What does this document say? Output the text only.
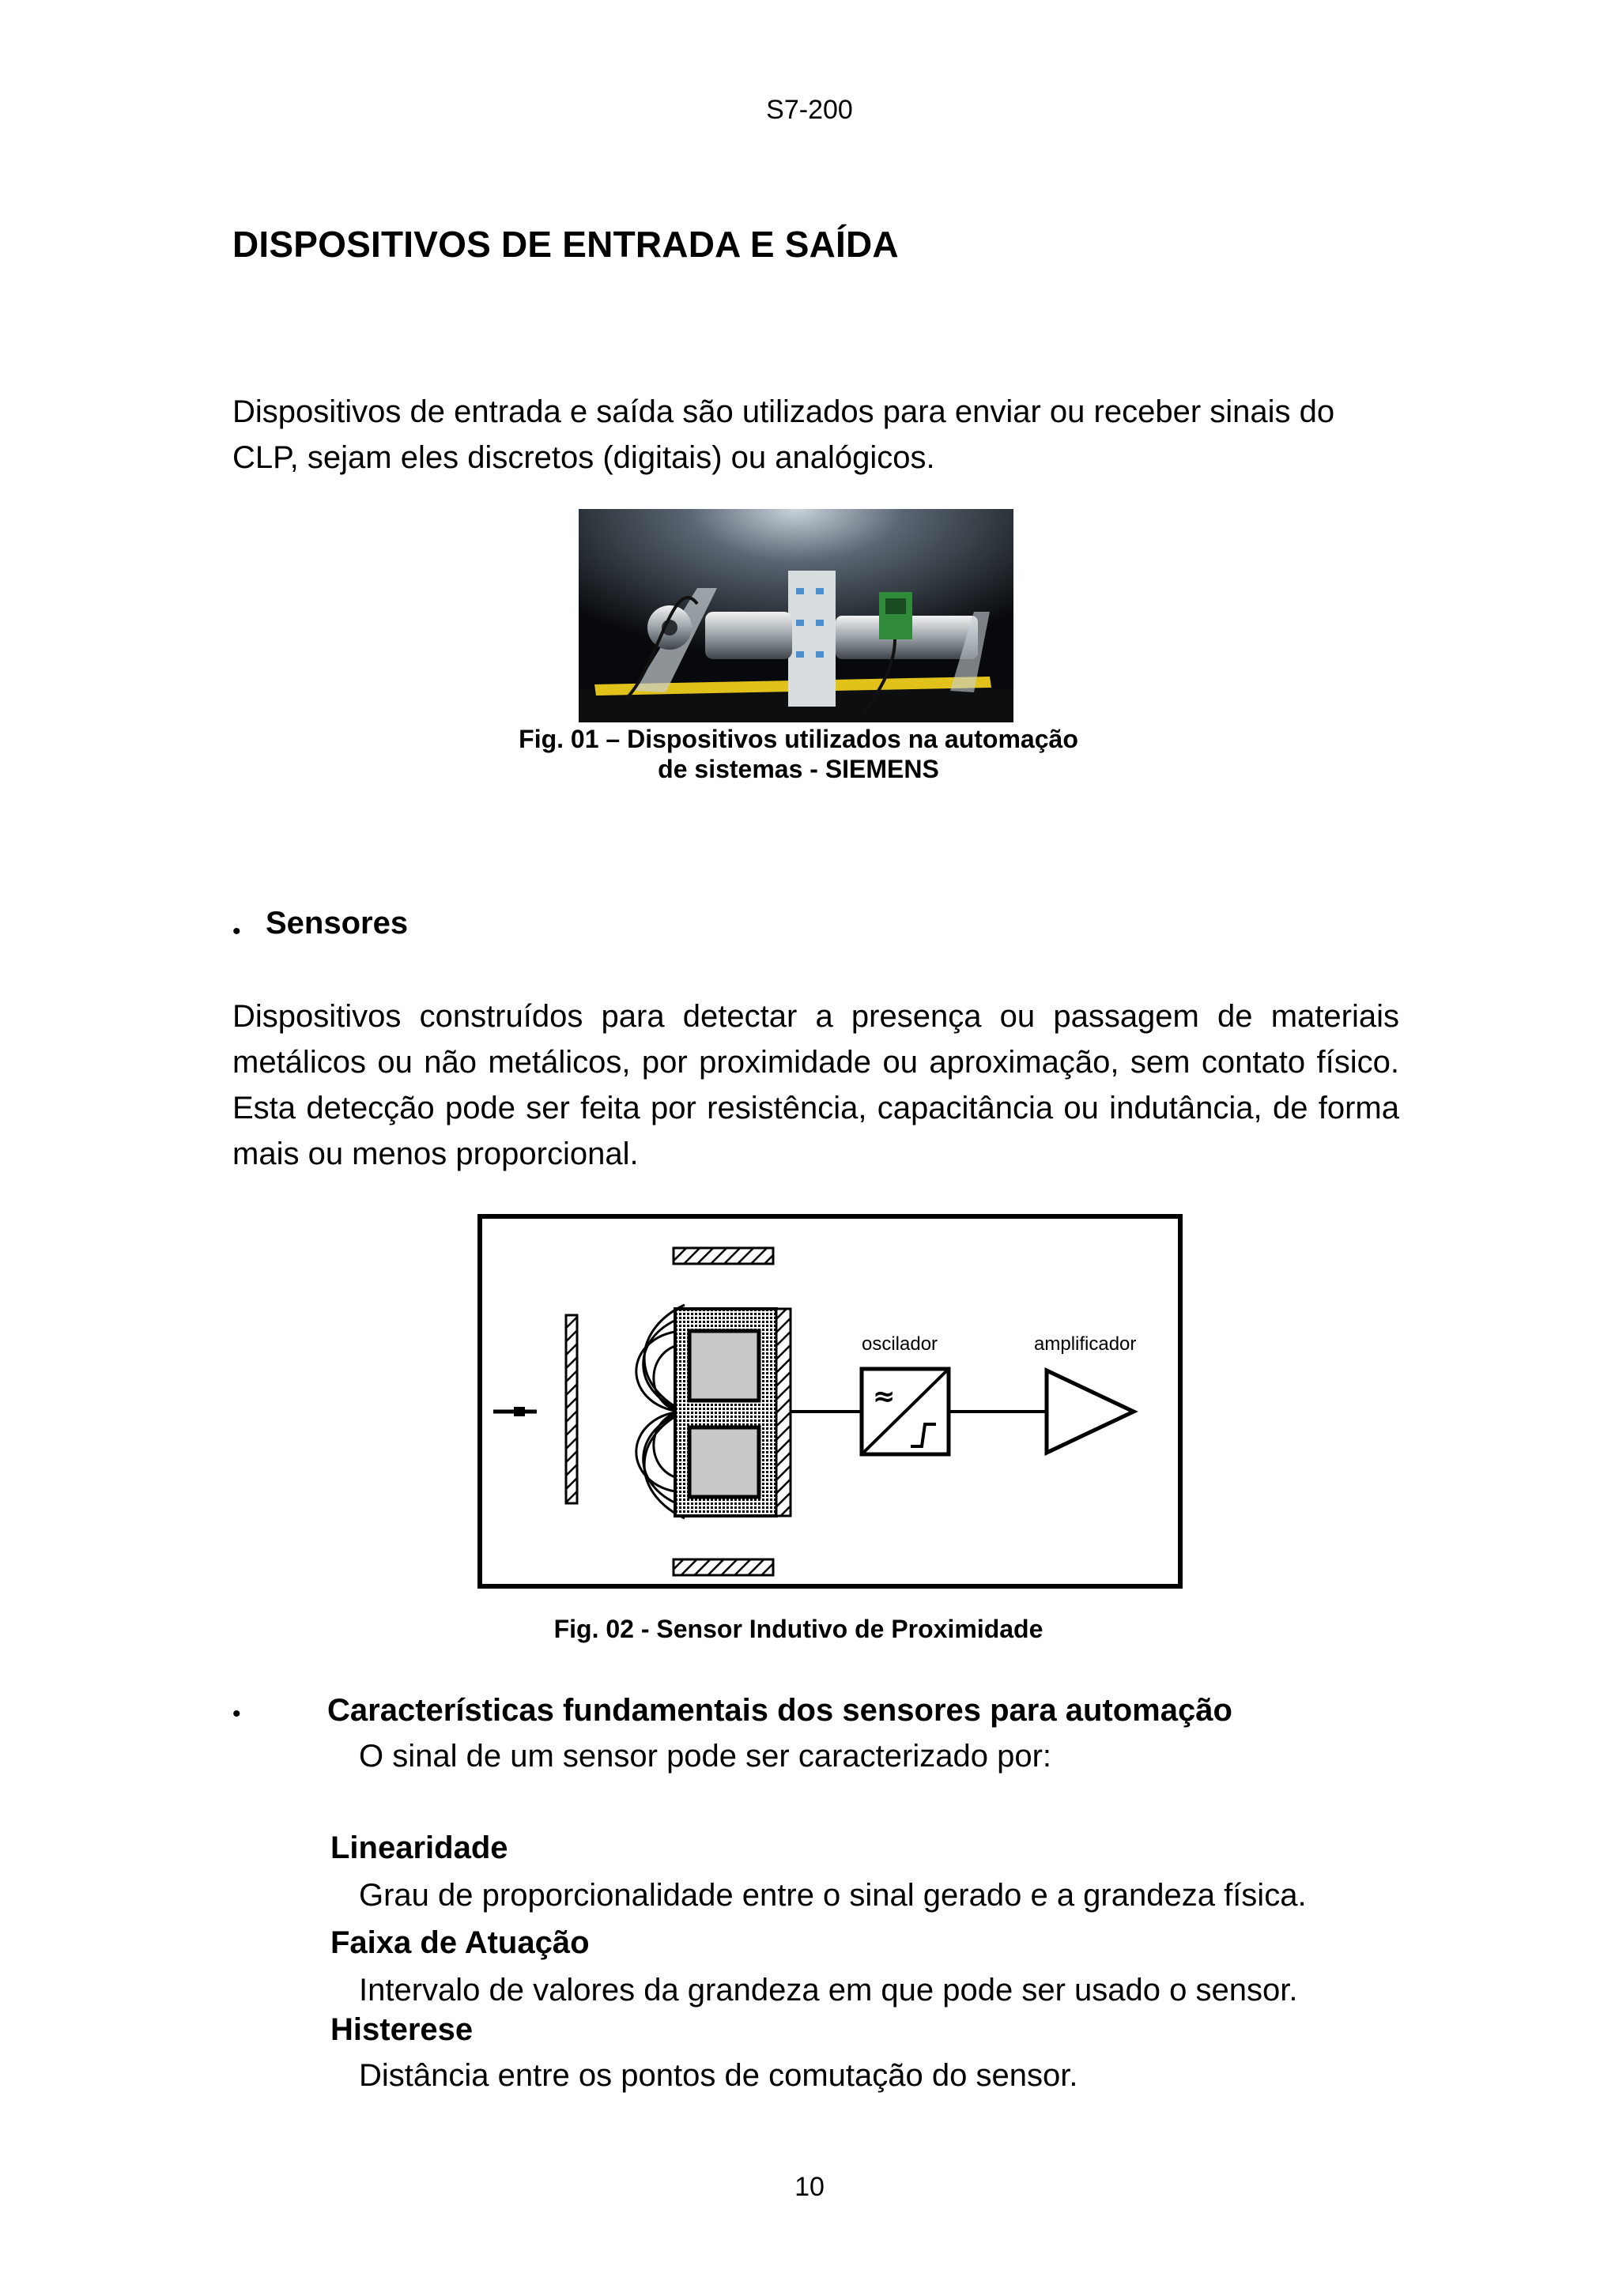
S7-200
DISPOSITIVOS DE ENTRADA E SAÍDA
Dispositivos de entrada e saída são utilizados para enviar ou receber sinais do CLP, sejam eles discretos (digitais) ou analógicos.
Fig. 01 – Dispositivos utilizados na automação
de sistemas - SIEMENS
• Sensores
Dispositivos construídos para detectar a presença ou passagem de materiais metálicos ou não metálicos, por proximidade ou aproximação, sem contato físico. Esta detecção pode ser feita por resistência, capacitância ou indutância, de forma mais ou menos proporcional.
oscilador
≈
amplificador
Fig. 02 - Sensor Indutivo de Proximidade
•	Características fundamentais dos sensores para automação
O sinal de um sensor pode ser caracterizado por:
Linearidade
Grau de proporcionalidade entre o sinal gerado e a grandeza física.
Faixa de Atuação
Intervalo de valores da grandeza em que pode ser usado o sensor.
Histerese
Distância entre os pontos de comutação do sensor.
10
